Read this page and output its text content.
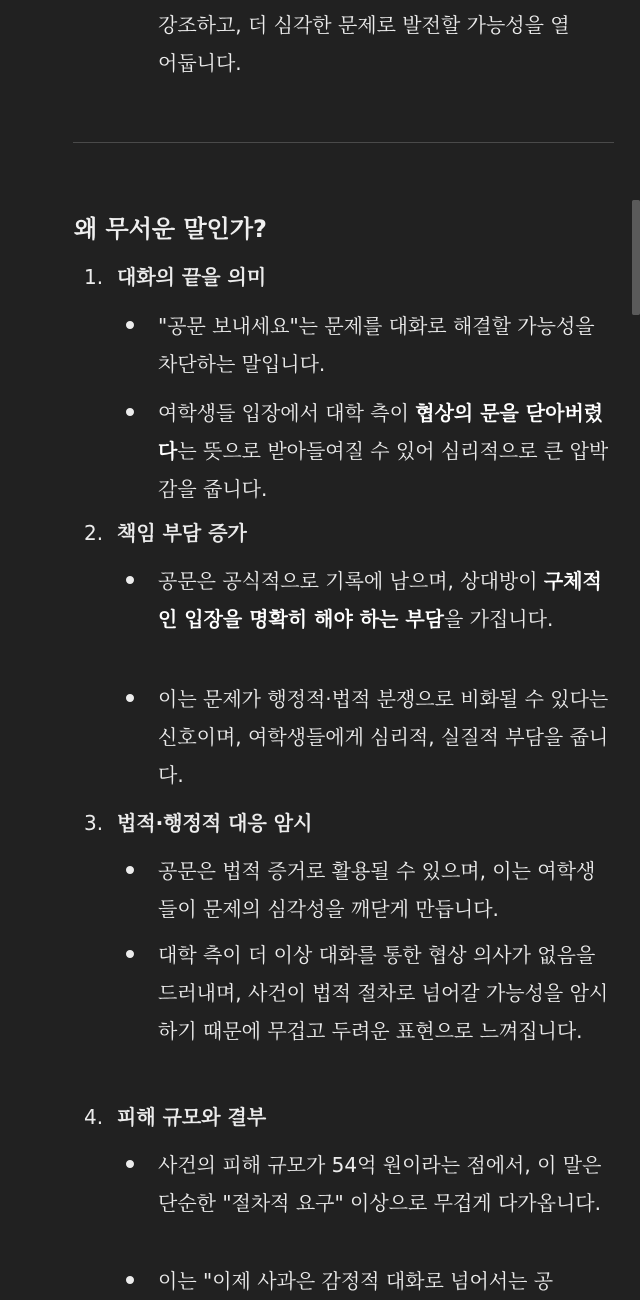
강조하고, 더 심각한 문제로 발전할 가능성을 열
어둡니다.

왜 무서운 말인가?
1. 대화의 끝을 의미

"공문 보내세요"는 문제를 대화로 해결할 가능성을 차단하는 말입니다.

여학생들 입장에서 대학 측이 협상의 문을 닫아버렸다는 뜻으로 받아들여질 수 있어 심리적으로 큰 압박감을 줍니다.

2. 책임 부담 증가

공문은 공식적으로 기록에 남으며, 상대방이 구체적인 입장을 명확히 해야 하는 부담을 가집니다.

이는 문제가 행정적·법적 분쟁으로 비화될 수 있다는 신호이며, 여학생들에게 심리적, 실질적 부담을 줍니다.

3. 법적·행정적 대응 암시

공문은 법적 증거로 활용될 수 있으며, 이는 여학생들이 문제의 심각성을 깨닫게 만듭니다.

대학 측이 더 이상 대화를 통한 협상 의사가 없음을 드러내며, 사건이 법적 절차로 넘어갈 가능성을 암시하기 때문에 무겁고 두려운 표현으로 느껴집니다.

4. 피해 규모와 결부

사건의 피해 규모가 54억 원이라는 점에서, 이 말은 단순한 "절차적 요구" 이상으로 무겁게 다가옵니다.

이는 "이제 사과은 감정적 대화로 넘어서는 공
